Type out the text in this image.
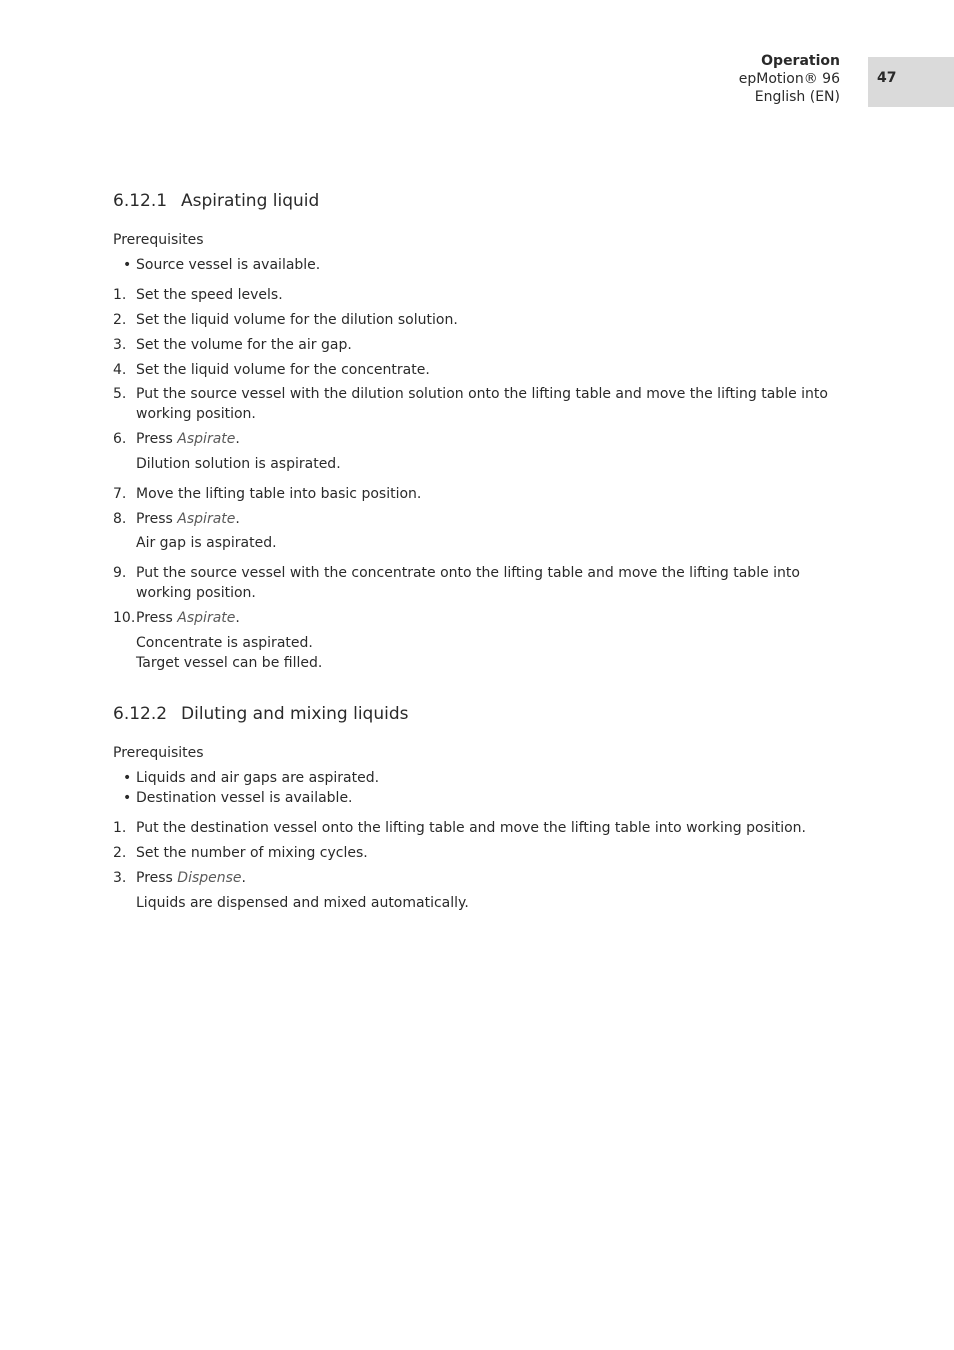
Operation
epMotion® 96
English (EN)
47
6.12.1 Aspirating liquid
Prerequisites
• Source vessel is available.
1. Set the speed levels.
2. Set the liquid volume for the dilution solution.
3. Set the volume for the air gap.
4. Set the liquid volume for the concentrate.
5. Put the source vessel with the dilution solution onto the lifting table and move the lifting table into working position.
6. Press Aspirate.
Dilution solution is aspirated.
7. Move the lifting table into basic position.
8. Press Aspirate.
Air gap is aspirated.
9. Put the source vessel with the concentrate onto the lifting table and move the lifting table into working position.
10. Press Aspirate.
Concentrate is aspirated.
Target vessel can be filled.
6.12.2 Diluting and mixing liquids
Prerequisites
• Liquids and air gaps are aspirated.
• Destination vessel is available.
1. Put the destination vessel onto the lifting table and move the lifting table into working position.
2. Set the number of mixing cycles.
3. Press Dispense.
Liquids are dispensed and mixed automatically.
